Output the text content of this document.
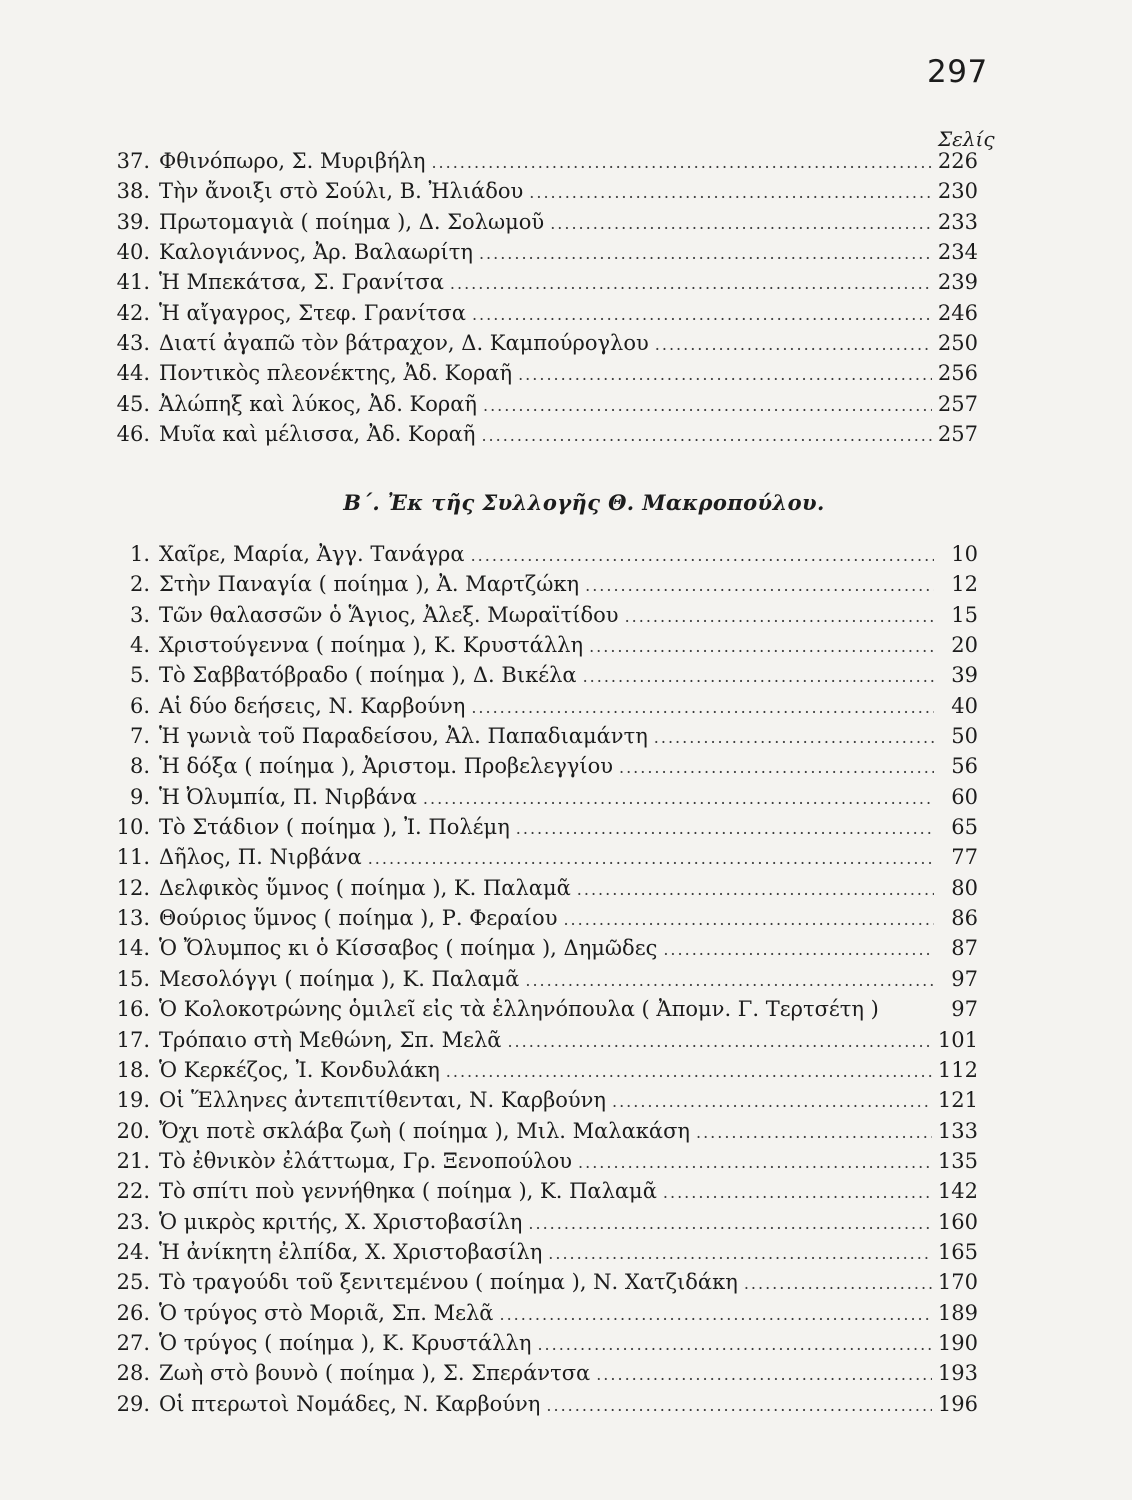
297
Σελίς
37. Φθινόπωρο, Σ. Μυριβήλη .....	226
38. Τὴν ἄνοιξι στὸ Σούλι, Β. Ἠλιάδου .....	230
39. Πρωτομαγιὰ ( ποίημα ), Δ. Σολωμοῦ .....	233
40. Καλογιάννος, Ἀρ. Βαλαωρίτη .....	234
41. Ἡ Μπεκάτσα, Σ. Γρανίτσα .....	239
42. Ἡ αἴγαγρος, Στεφ. Γρανίτσα .....	246
43. Διατί ἀγαπῶ τὸν βάτραχον, Δ. Καμπούρογλου .....	250
44. Ποντικὸς πλεονέκτης, Ἀδ. Κοραῆ .....	256
45. Ἀλώπηξ καὶ λύκος, Ἀδ. Κοραῆ .....	257
46. Μυῖα καὶ μέλισσα, Ἀδ. Κοραῆ .....	257
Β΄. Ἐκ τῆς Συλλογῆς Θ. Μακροπούλου.
1. Χαῖρε, Μαρία, Ἀγγ. Τανάγρα .....	10
2. Στὴν Παναγία ( ποίημα ), Ἀ. Μαρτζώκη .....	12
3. Τῶν θαλασσῶν ὁ Ἅγιος, Ἀλεξ. Μωραϊτίδου .....	15
4. Χριστούγεννα ( ποίημα ), Κ. Κρυστάλλη .....	20
5. Τὸ Σαββατόβραδο ( ποίημα ), Δ. Βικέλα .....	39
6. Αἱ δύο δεήσεις, Ν. Καρβούνη .....	40
7. Ἡ γωνιὰ τοῦ Παραδείσου, Ἀλ. Παπαδιαμάντη .....	50
8. Ἡ δόξα ( ποίημα ), Ἀριστομ. Προβελεγγίου .....	56
9. Ἡ Ὀλυμπία, Π. Νιρβάνα .....	60
10. Τὸ Στάδιον ( ποίημα ), Ἰ. Πολέμη .....	65
11. Δῆλος, Π. Νιρβάνα .....	77
12. Δελφικὸς ὕμνος ( ποίημα ), Κ. Παλαμᾶ .....	80
13. Θούριος ὕμνος ( ποίημα ), Ρ. Φεραίου .....	86
14. Ὁ Ὄλυμπος κι ὁ Κίσσαβος ( ποίημα ), Δημῶδες .....	87
15. Μεσολόγγι ( ποίημα ), Κ. Παλαμᾶ .....	97
16. Ὁ Κολοκοτρώνης ὁμιλεῖ εἰς τὰ ἑλληνόπουλα ( Ἀπομν. Γ. Τερτσέτη )	97
17. Τρόπαιο στὴ Μεθώνη, Σπ. Μελᾶ .....	101
18. Ὁ Κερκέζος, Ἰ. Κονδυλάκη .....	112
19. Οἱ Ἕλληνες ἀντεπιτίθενται, Ν. Καρβούνη .....	121
20. Ὄχι ποτὲ σκλάβα ζωὴ ( ποίημα ), Μιλ. Μαλακάση .....	133
21. Τὸ ἐθνικὸν ἐλάττωμα, Γρ. Ξενοπούλου .....	135
22. Τὸ σπίτι ποὺ γεννήθηκα ( ποίημα ), Κ. Παλαμᾶ .....	142
23. Ὁ μικρὸς κριτής, Χ. Χριστοβασίλη .....	160
24. Ἡ ἀνίκητη ἐλπίδα, Χ. Χριστοβασίλη .....	165
25. Τὸ τραγούδι τοῦ ξενιτεμένου ( ποίημα ), Ν. Χατζιδάκη .....	170
26. Ὁ τρύγος στὸ Μοριᾶ, Σπ. Μελᾶ .....	189
27. Ὁ τρύγος ( ποίημα ), Κ. Κρυστάλλη .....	190
28. Ζωὴ στὸ βουνὸ ( ποίημα ), Σ. Σπεράντσα .....	193
29. Οἱ πτερωτοὶ Νομάδες, Ν. Καρβούνη .....	196
